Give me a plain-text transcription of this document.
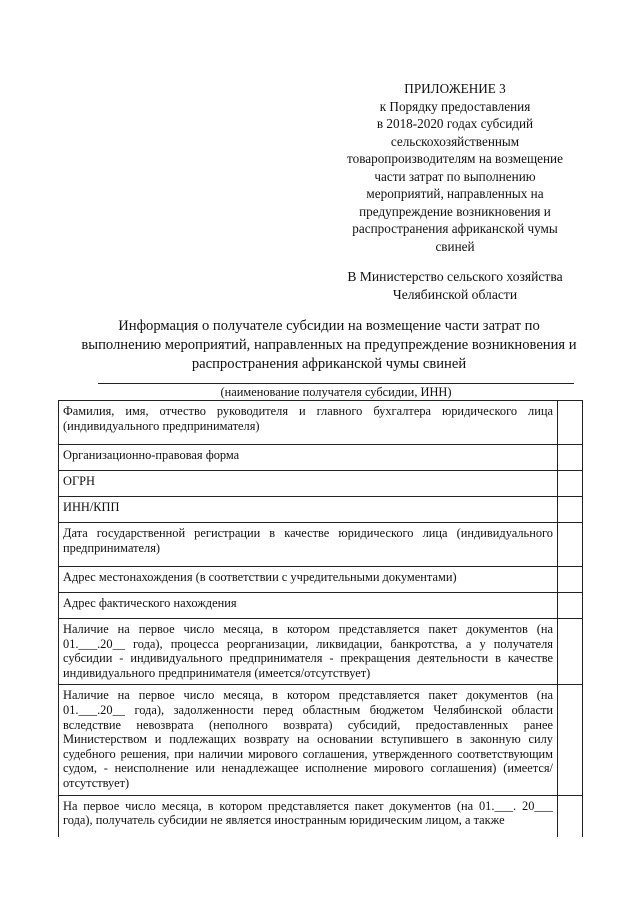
ПРИЛОЖЕНИЕ 3
к Порядку предоставления
в 2018-2020 годах субсидий
сельскохозяйственным
товаропроизводителям на возмещение
части затрат по выполнению
мероприятий, направленных на
предупреждение возникновения и
распространения африканской чумы
свиней
В Министерство сельского хозяйства
Челябинской области
Информация о получателе субсидии на возмещение части затрат по
выполнению мероприятий, направленных на предупреждение возникновения и
распространения африканской чумы свиней
(наименование получателя субсидии, ИНН)
Фамилия, имя, отчество руководителя и главного бухгалтера юридического лица (индивидуального предпринимателя)	
Организационно-правовая форма	
ОГРН	
ИНН/КПП	
Дата государственной регистрации в качестве юридического лица (индивидуального предпринимателя)	
Адрес местонахождения (в соответствии с учредительными документами)	
Адрес фактического нахождения	
Наличие на первое число месяца, в котором представляется пакет документов (на 01.___.20__ года), процесса реорганизации, ликвидации, банкротства, а у получателя субсидии - индивидуального предпринимателя - прекращения деятельности в качестве индивидуального предпринимателя (имеется/отсутствует)	
Наличие на первое число месяца, в котором представляется пакет документов (на 01.___.20__ года), задолженности перед областным бюджетом Челябинской области вследствие невозврата (неполного возврата) субсидий, предоставленных ранее Министерством и подлежащих возврату на основании вступившего в законную силу судебного решения, при наличии мирового соглашения, утвержденного соответствующим судом, - неисполнение или ненадлежащее исполнение мирового соглашения) (имеется/отсутствует)	
На первое число месяца, в котором представляется пакет документов (на 01.___. 20___ года), получатель субсидии не является иностранным юридическим лицом, а также	
